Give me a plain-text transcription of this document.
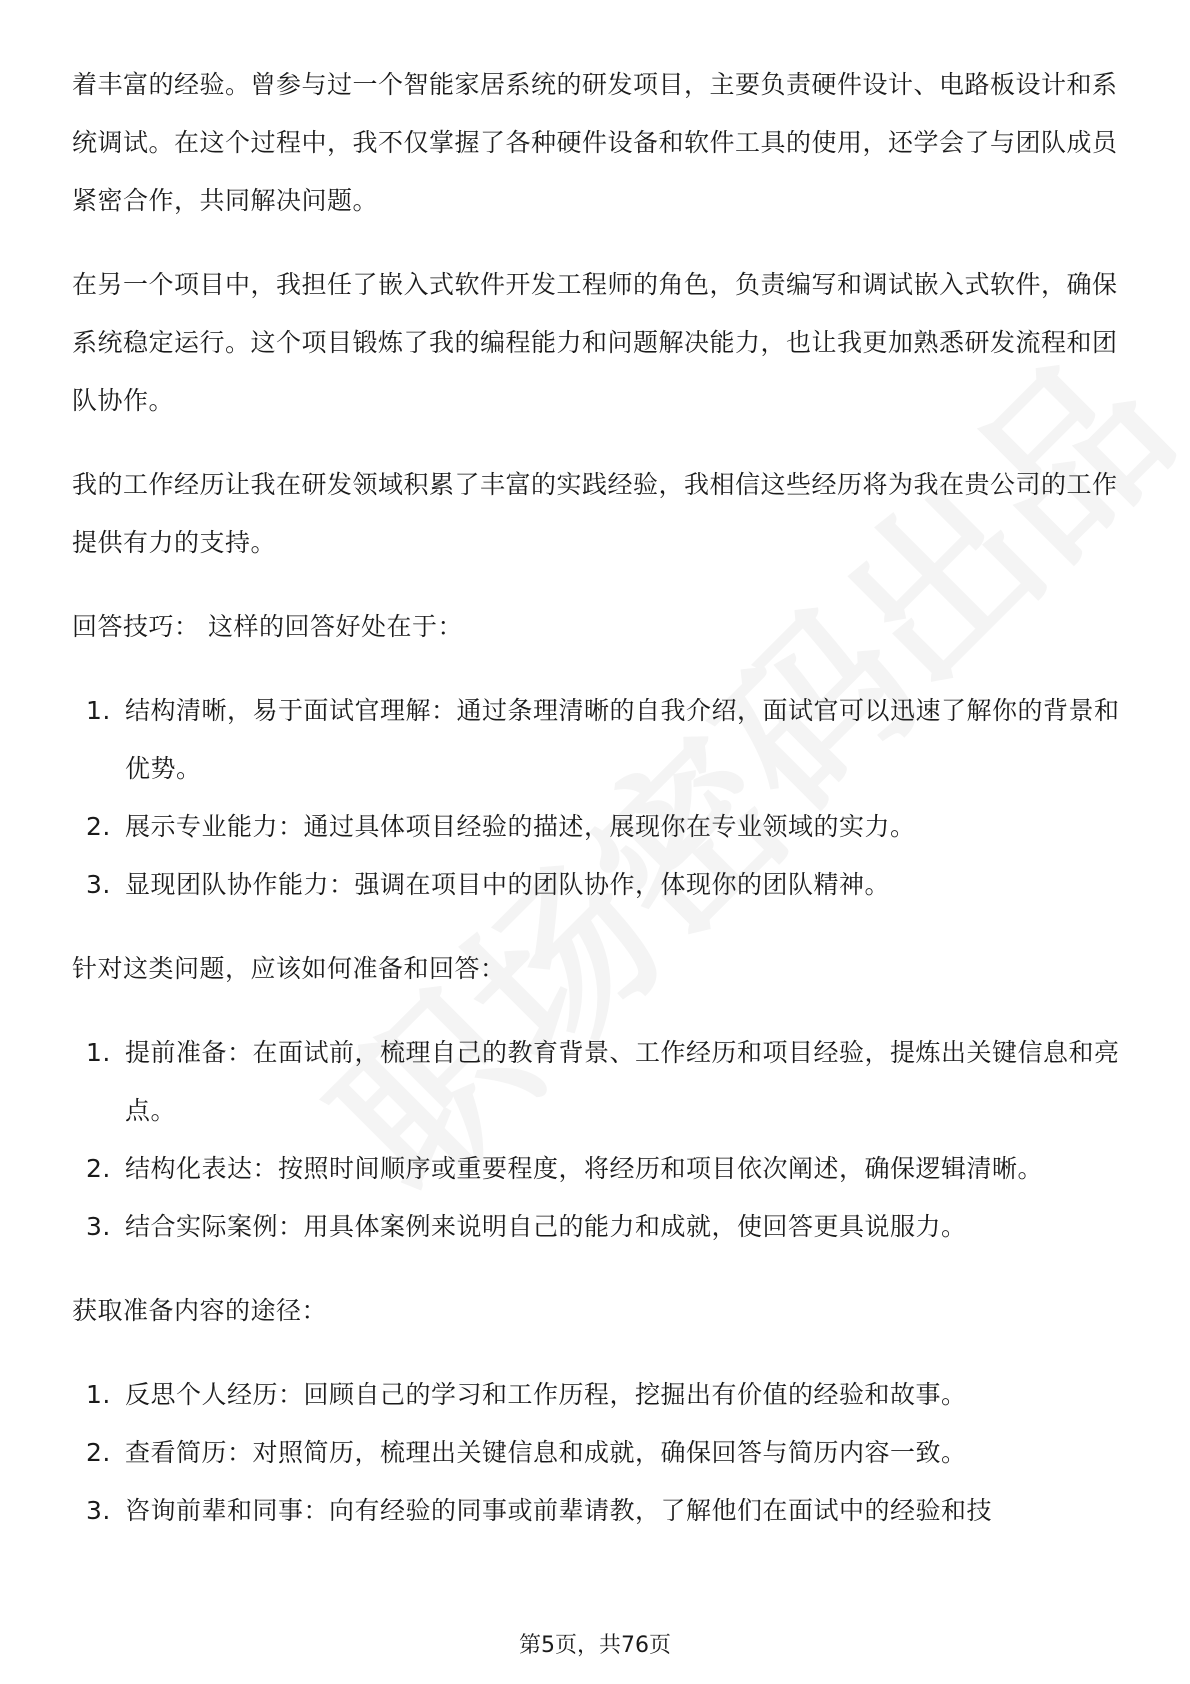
着丰富的经验。曾参与过一个智能家居系统的研发项目，主要负责硬件设计、电路板设计和系统调试。在这个过程中，我不仅掌握了各种硬件设备和软件工具的使用，还学会了与团队成员紧密合作，共同解决问题。

在另一个项目中，我担任了嵌入式软件开发工程师的角色，负责编写和调试嵌入式软件，确保系统稳定运行。这个项目锻炼了我的编程能力和问题解决能力，也让我更加熟悉研发流程和团队协作。

我的工作经历让我在研发领域积累了丰富的实践经验，我相信这些经历将为我在贵公司的工作提供有力的支持。

回答技巧： 这样的回答好处在于：

1. 结构清晰，易于面试官理解：通过条理清晰的自我介绍，面试官可以迅速了解你的背景和优势。
2. 展示专业能力：通过具体项目经验的描述，展现你在专业领域的实力。
3. 显现团队协作能力：强调在项目中的团队协作，体现你的团队精神。

针对这类问题，应该如何准备和回答：

1. 提前准备：在面试前，梳理自己的教育背景、工作经历和项目经验，提炼出关键信息和亮点。
2. 结构化表达：按照时间顺序或重要程度，将经历和项目依次阐述，确保逻辑清晰。
3. 结合实际案例：用具体案例来说明自己的能力和成就，使回答更具说服力。

获取准备内容的途径：

1. 反思个人经历：回顾自己的学习和工作历程，挖掘出有价值的经验和故事。
2. 查看简历：对照简历，梳理出关键信息和成就，确保回答与简历内容一致。
3. 咨询前辈和同事：向有经验的同事或前辈请教，了解他们在面试中的经验和技
第5页，共76页
